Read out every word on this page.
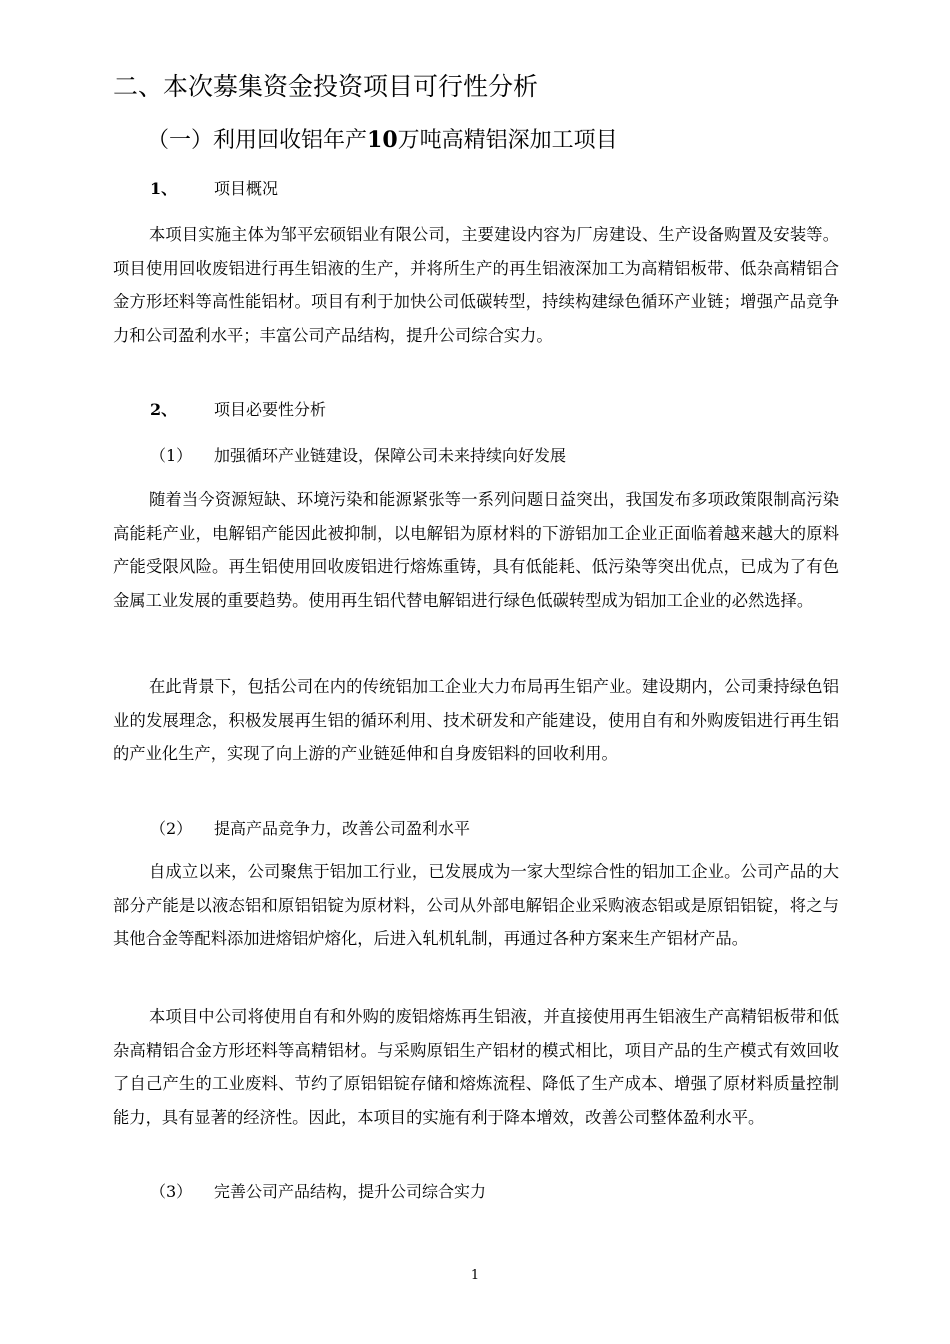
二、本次募集资金投资项目可行性分析
（一）利用回收铝年产10万吨高精铝深加工项目
1、 项目概况

本项目实施主体为邹平宏硕铝业有限公司，主要建设内容为厂房建设、生产设备购置及安装等。项目使用回收废铝进行再生铝液的生产，并将所生产的再生铝液深加工为高精铝板带、低杂高精铝合金方形坯料等高性能铝材。项目有利于加快公司低碳转型，持续构建绿色循环产业链；增强产品竞争力和公司盈利水平；丰富公司产品结构，提升公司综合实力。

2、 项目必要性分析
（1） 加强循环产业链建设，保障公司未来持续向好发展

随着当今资源短缺、环境污染和能源紧张等一系列问题日益突出，我国发布多项政策限制高污染高能耗产业，电解铝产能因此被抑制，以电解铝为原材料的下游铝加工企业正面临着越来越大的原料产能受限风险。再生铝使用回收废铝进行熔炼重铸，具有低能耗、低污染等突出优点，已成为了有色金属工业发展的重要趋势。使用再生铝代替电解铝进行绿色低碳转型成为铝加工企业的必然选择。

在此背景下，包括公司在内的传统铝加工企业大力布局再生铝产业。建设期内，公司秉持绿色铝业的发展理念，积极发展再生铝的循环利用、技术研发和产能建设，使用自有和外购废铝进行再生铝的产业化生产，实现了向上游的产业链延伸和自身废铝料的回收利用。

（2） 提高产品竞争力，改善公司盈利水平

自成立以来，公司聚焦于铝加工行业，已发展成为一家大型综合性的铝加工企业。公司产品的大部分产能是以液态铝和原铝铝锭为原材料，公司从外部电解铝企业采购液态铝或是原铝铝锭，将之与其他合金等配料添加进熔铝炉熔化，后进入轧机轧制，再通过各种方案来生产铝材产品。

本项目中公司将使用自有和外购的废铝熔炼再生铝液，并直接使用再生铝液生产高精铝板带和低杂高精铝合金方形坯料等高精铝材。与采购原铝生产铝材的模式相比，项目产品的生产模式有效回收了自己产生的工业废料、节约了原铝铝锭存储和熔炼流程、降低了生产成本、增强了原材料质量控制能力，具有显著的经济性。因此，本项目的实施有利于降本增效，改善公司整体盈利水平。

（3） 完善公司产品结构，提升公司综合实力
1
